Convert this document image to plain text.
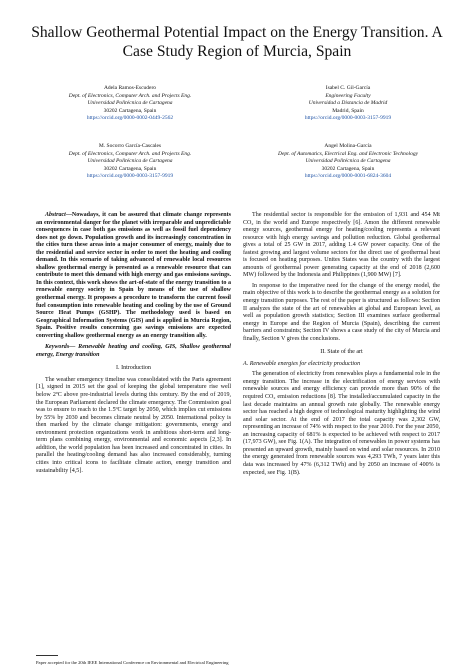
Shallow Geothermal Potential Impact on the Energy Transition. A Case Study Region of Murcia, Spain
Adela Ramos-Escudero
Dept. of Electronics, Computer Arch. and Projects Eng.
Universidad Politécnica de Cartagena
30202 Cartagena, Spain
https://orcid.org/0000-0002-0449-2562
Isabel C. Gil-García
Engineering Faculty
Universidad a Distancia de Madrid
Madrid, Spain
https://orcid.org/0000-0003-3157-9919
M. Socorro García-Cascales
Dept. of Electronics, Computer Arch. and Projects Eng.
Universidad Politécnica de Cartagena
30202 Cartagena, Spain
https://orcid.org/0000-0003-3157-9919
Angel Molina-García
Dept. of Automatics, Electrical Eng. and Electronic Technology
Universidad Politécnica de Cartagena
30202 Cartagena, Spain
https://orcid.org/0000-0001-6824-3604

Abstract—Nowadays, it can be assured that climate change represents an environmental danger for the planet with irreparable and unpredictable consequences in case both gas emissions as well as fossil fuel dependency does not go down. Population growth and its increasingly concentration in the cities turn these areas into a major consumer of energy, mainly due to the residential and service sector in order to meet the heating and cooling demand. In this scenario of taking advanced of renewable local resources shallow geothermal energy is presented as a renewable resource that can contribute to meet this demand with high energy and gas emissions savings. In this context, this work shows the art-of-state of the energy transition to a renewable energy society in Spain by means of the use of shallow geothermal energy. It proposes a procedure to transform the current fossil fuel consumption into renewable heating and cooling by the use of Ground Source Heat Pumps (GSHP). The methodology used is based on Geographical Information Systems (GIS) and is applied in Murcia Region, Spain. Positive results concerning gas savings emissions are expected converting shallow geothermal energy as an energy transition ally.

Keywords— Renewable heating and cooling, GIS, Shallow geothermal energy, Energy transition

I. Introduction

The weather emergency timeline was consolidated with the Paris agreement [1], signed in 2015 set the goal of keeping the global temperature rise well below 2ºC above pre-industrial levels during this century. By the end of 2019, the European Parliament declared the climate emergency. The Commission goal was to ensure to reach to the 1.5ºC target by 2050, which implies cut emissions by 55% by 2030 and becomes climate neutral by 2050. International policy is then marked by the climate change mitigation: governments, energy and environment protection organizations work in ambitious short-term and long-term plans combining energy, environmental and economic aspects [2,3]. In addition, the world population has been increased and concentrated in cities. In parallel the heating/cooling demand has also increased considerably, turning cities into critical icons to facilitate climate action, energy transition and sustainability [4,5].

The residential sector is responsible for the emission of 1,931 and 454 Mt CO₂ in the world and Europe respectively [6]. Amon the different renewable energy sources, geothermal energy for heating/cooling represents a relevant resource with high energy savings and pollution reduction. Global geothermal gives a total of 25 GW in 2017, adding 1.4 GW power capacity. One of the fastest growing and largest volume sectors for the direct use of geothermal heat is focused on heating purposes. Unites States was the country with the largest amounts of geothermal power generating capacity at the end of 2018 (2,600 MW) followed by the Indonesia and Philippines (1,900 MW) [7].

In response to the imperative need for the change of the energy model, the main objective of this work is to describe the geothermal energy as a solution for energy transition purposes. The rest of the paper is structured as follows: Section II analyzes the state of the art of renewables at global and European level, as well as population growth statistics; Section III examines surface geothermal energy in Europe and the Region of Murcia (Spain), describing the current barriers and constraints; Section IV shows a case study of the city of Murcia and finally, Section V gives the conclusions.

II. State of the art
A. Renewable energies for electricity production

The generation of electricity from renewables plays a fundamental role in the energy transition. The increase in the electrification of energy services with renewable sources and energy efficiency can provide more than 90% of the required CO₂ emission reductions [8]. The installed/accumulated capacity in the last decade maintains an annual growth rate globally. The renewable energy sector has reached a high degree of technological maturity highlighting the wind and solar sector. At the end of 2017 the total capacity was 2,302 GW, representing an increase of 74% with respect to the year 2010. For the year 2050, an increasing capacity of 681% is expected to be achieved with respect to 2017 (17,973 GW), see Fig. 1(A). The integration of renewables in power systems has presented an upward growth, mainly based on wind and solar resources. In 2010 the energy generated from renewable sources was 4,293 TWh, 7 years later this data was increased by 47% (6,312 TWh) and by 2050 an increase of 400% is expected, see Fig. 1(B).

Paper accepted for the 20th IEEE International Conference on Environmental and Electrical Engineering
